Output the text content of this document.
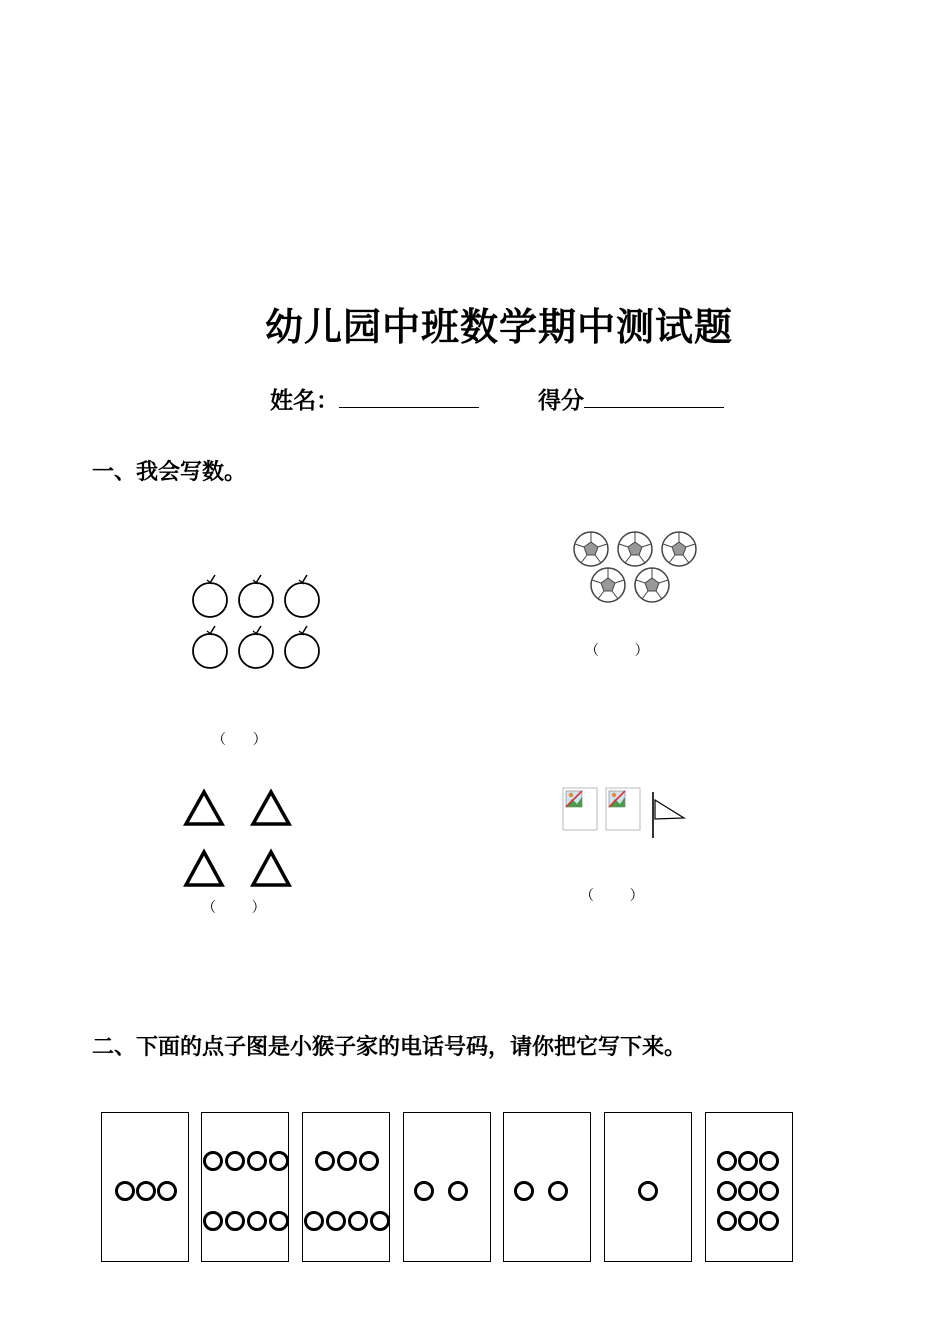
幼儿园中班数学期中测试题
姓名：	得分
一、我会写数。
（      ）
（        ）
（        ）
（        ）
二、下面的点子图是小猴子家的电话号码，请你把它写下来。
